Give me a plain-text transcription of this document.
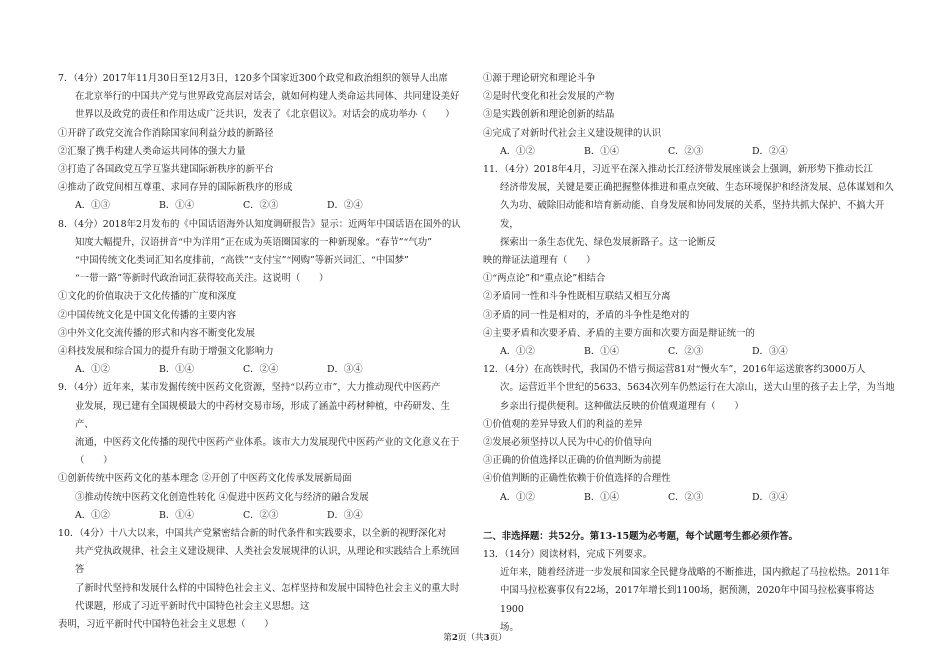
7．（4分）2017年11月30日至12月3日，120多个国家近300个政党和政治组织的领导人出席
在北京举行的中国共产党与世界政党高层对话会，就如何构建人类命运共同体、共同建设美好
世界以及政党的责任和作用达成广泛共识，发表了《北京倡议》。对话会的成功举办（　　）
①开辟了政党交流合作消除国家间利益分歧的新路径
②汇聚了携手构建人类命运共同体的强大力量
③打造了各国政党互学互鉴共建国际新秩序的新平台
④推动了政党间相互尊重、求同存异的国际新秩序的形成
A．①③	B．①④	C．②③	D．②④
8．（4分）2018年2月发布的《中国话语海外认知度调研报告》显示：近两年中国话语在国外的认
知度大幅提升，汉语拼音“中为洋用”正在成为英语圈国家的一种新现象。“春节”“气功”
“中国传统文化类词汇知名度排前，“高铁”“支付宝”“网购”等新兴词汇、“中国梦”
“一带一路”等新时代政治词汇获得较高关注。这说明（　　）
①文化的价值取决于文化传播的广度和深度
②中国传统文化是中国文化传播的主要内容
③中外文化交流传播的形式和内容不断变化发展
④科技发展和综合国力的提升有助于增强文化影响力
A．①②	B．①④	C．②④	D．③④
9．（4分）近年来，某市发掘传统中医药文化资源，坚持“以药立市”，大力推动现代中医药产
业发展，现已建有全国规模最大的中药材交易市场，形成了涵盖中药材种植，中药研发、生产、
流通，中医药文化传播的现代中医药产业体系。该市大力发展现代中医药产业的文化意义在于
（　　）
①创新传统中医药文化的基本理念 ②开创了中医药文化传承发展新局面
③推动传统中医药文化创造性转化 ④促进中医药文化与经济的融合发展
A．①②	B．①④	C．②③	D．③④
10．（4分）十八大以来，中国共产党紧密结合新的时代条件和实践要求，以全新的视野深化对
共产党执政规律、社会主义建设规律、人类社会发展规律的认识，从理论和实践结合上系统回答
了新时代坚持和发展什么样的中国特色社会主义、怎样坚持和发展中国特色社会主义的重大时
代课题，形成了习近平新时代中国特色社会主义思想。这
表明，习近平新时代中国特色社会主义思想（　　）
①源于理论研究和理论斗争
②是时代变化和社会发展的产物
③是实践创新和理论创新的结晶
④完成了对新时代社会主义建设规律的认识
A．①②	B．①④	C．②③	D．②④
11．（4分）2018年4月，习近平在深入推动长江经济带发展座谈会上强调，新形势下推动长江
经济带发展，关键是要正确把握整体推进和重点突破、生态环境保护和经济发展、总体谋划和久
久为功、破除旧动能和培育新动能、自身发展和协同发展的关系，坚持共抓大保护、不搞大开发，
探索出一条生态优先、绿色发展新路子。这一论断反
映的辩证法道理有（　　）
①“两点论”和“重点论”相结合
②矛盾同一性和斗争性既相互联结又相互分离
③矛盾的同一性是相对的，矛盾的斗争性是绝对的
④主要矛盾和次要矛盾、矛盾的主要方面和次要方面是辩证统一的
A．①②	B．①④	C．②③	D．③④
12．（4分）在高铁时代，我国仍不惜亏损运营81对“慢火车”，2016年运送旅客约3000万人
次。运营近半个世纪的5633、5634次列车仍然运行在大凉山，送大山里的孩子去上学，为当地
乡亲出行提供便利。这种做法反映的价值观道理有（　　）
①价值观的差异导致人们的利益的差异
②发展必须坚持以人民为中心的价值导向
③正确的价值选择以正确的价值判断为前提
④价值判断的正确性依赖于价值选择的合理性
A．①②	B．①④	C．②③	D．③④
二、非选择题：共52分。第13-15题为必考题，每个试题考生都必须作答。
13．（14分）阅读材料，完成下列要求。
近年来，随着经济进一步发展和国家全民健身战略的不断推进，国内掀起了马拉松热。2011年
中国马拉松赛事仅有22场，2017年增长到1100场，据预测，2020年中国马拉松赛事将达1900
场。
第2页（共3页）
